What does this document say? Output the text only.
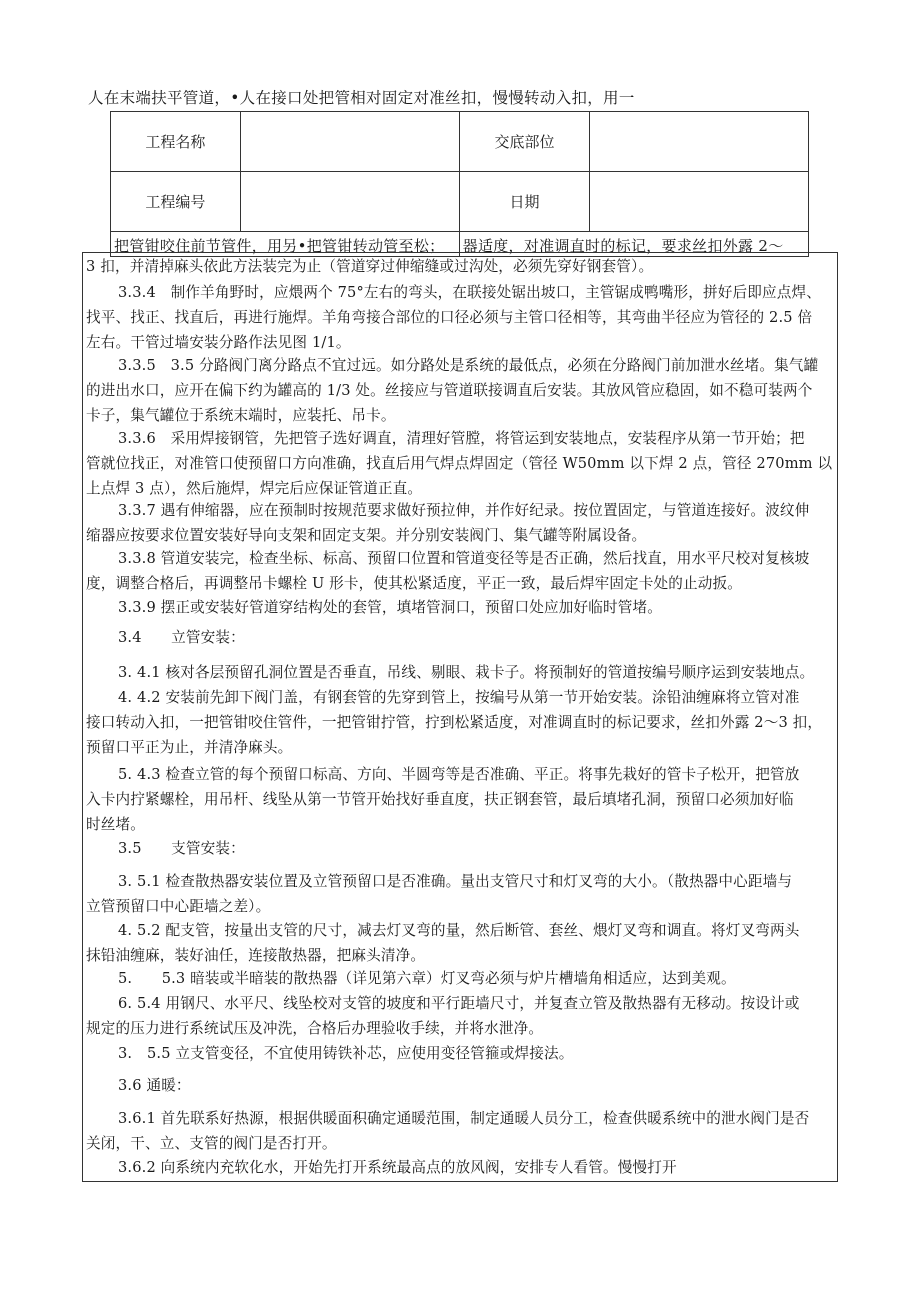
人在末端扶平管道，•人在接口处把管相对固定对准丝扣，慢慢转动入扣，用一
工程名称		交底部位	
工程编号		日期	
把管钳咬住前节管件，用另•把管钳转动管至松；		器适度，对准调直时的标记，要求丝扣外露 2～	
3 扣，并清掉麻头依此方法装完为止（管道穿过伸缩缝或过沟处，必须先穿好钢套管）。
3.3.4　制作羊角野时，应煨两个 75°左右的弯头，在联接处锯出坡口，主管锯成鸭嘴形，拼好后即应点焊、
找平、找正、找直后，再进行施焊。羊角弯接合部位的口径必须与主管口径相等，其弯曲半径应为管径的 2.5 倍
左右。干管过墙安装分路作法见图 1/1。
3.3.5　3.5 分路阀门离分路点不宜过远。如分路处是系统的最低点，必须在分路阀门前加泄水丝堵。集气罐
的进出水口，应开在偏下约为罐高的 1/3 处。丝接应与管道联接调直后安装。其放风管应稳固，如不稳可装两个
卡子，集气罐位于系统末端时，应装托、吊卡。
3.3.6　采用焊接钢管，先把管子选好调直，清理好管膛，将管运到安装地点，安装程序从第一节开始；把
管就位找正，对准管口使预留口方向准确，找直后用气焊点焊固定（管径 W50mm 以下焊 2 点，管径 270mm 以
上点焊 3 点），然后施焊，焊完后应保证管道正直。
3.3.7 遇有伸缩器，应在预制时按规范要求做好预拉伸，并作好纪录。按位置固定，与管道连接好。波纹伸
缩器应按要求位置安装好导向支架和固定支架。并分别安装阀门、集气罐等附属设备。
3.3.8 管道安装完，检查坐标、标高、预留口位置和管道变径等是否正确，然后找直，用水平尺校对复核坡
度，调整合格后，再调整吊卡螺栓 U 形卡，使其松紧适度，平正一致，最后焊牢固定卡处的止动扳。
3.3.9 摆正或安装好管道穿结构处的套管，填堵管洞口，预留口处应加好临时管堵。
3.4　　立管安装：
3. 4.1 核对各层预留孔洞位置是否垂直，吊线、剔眼、栽卡子。将预制好的管道按编号顺序运到安装地点。
4. 4.2 安装前先卸下阀门盖，有钢套管的先穿到管上，按编号从第一节开始安装。涂铅油缠麻将立管对准
接口转动入扣，一把管钳咬住管件，一把管钳拧管，拧到松紧适度，对准调直时的标记要求，丝扣外露 2～3 扣，
预留口平正为止，并清净麻头。
5. 4.3 检查立管的每个预留口标高、方向、半圆弯等是否准确、平正。将事先栽好的管卡子松开，把管放
入卡内拧紧螺栓，用吊杆、线坠从第一节管开始找好垂直度，扶正钢套管，最后填堵孔洞，预留口必须加好临
时丝堵。
3.5　　支管安装：
3. 5.1 检查散热器安装位置及立管预留口是否准确。量出支管尺寸和灯叉弯的大小。（散热器中心距墙与
立管预留口中心距墙之差）。
4. 5.2 配支管，按量出支管的尺寸，减去灯叉弯的量，然后断管、套丝、煨灯叉弯和调直。将灯叉弯两头
抹铅油缠麻，装好油任，连接散热器，把麻头清净。
5.　　5.3 暗装或半暗装的散热器（详见第六章）灯叉弯必须与炉片槽墙角相适应，达到美观。
6. 5.4 用钢尺、水平尺、线坠校对支管的坡度和平行距墙尺寸，并复查立管及散热器有无移动。按设计或
规定的压力进行系统试压及冲洗，合格后办理验收手续，并将水泄净。
3.　5.5 立支管变径，不宜使用铸铁补芯，应使用变径管箍或焊接法。
3.6 通暖：
3.6.1 首先联系好热源，根据供暖面积确定通暖范围，制定通暖人员分工，检查供暖系统中的泄水阀门是否
关闭，干、立、支管的阀门是否打开。
3.6.2 向系统内充软化水，开始先打开系统最高点的放风阀，安排专人看管。慢慢打开
